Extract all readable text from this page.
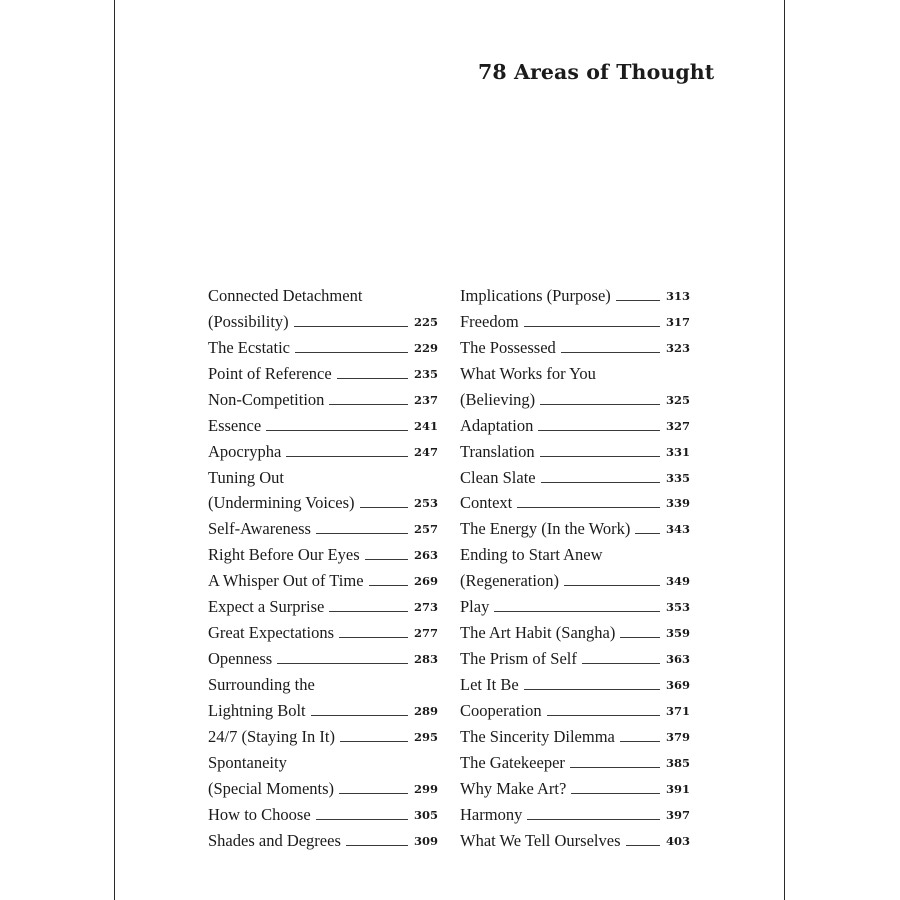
78 Areas of Thought
Connected Detachment
(Possibility)	225
The Ecstatic	229
Point of Reference	235
Non-Competition	237
Essence	241
Apocrypha	247
Tuning Out
(Undermining Voices)	253
Self-Awareness	257
Right Before Our Eyes	263
A Whisper Out of Time	269
Expect a Surprise	273
Great Expectations	277
Openness	283
Surrounding the
Lightning Bolt	289
24/7 (Staying In It)	295
Spontaneity
(Special Moments)	299
How to Choose	305
Shades and Degrees	309
Implications (Purpose)	313
Freedom	317
The Possessed	323
What Works for You
(Believing)	325
Adaptation	327
Translation	331
Clean Slate	335
Context	339
The Energy (In the Work)	343
Ending to Start Anew
(Regeneration)	349
Play	353
The Art Habit (Sangha)	359
The Prism of Self	363
Let It Be	369
Cooperation	371
The Sincerity Dilemma	379
The Gatekeeper	385
Why Make Art?	391
Harmony	397
What We Tell Ourselves	403
